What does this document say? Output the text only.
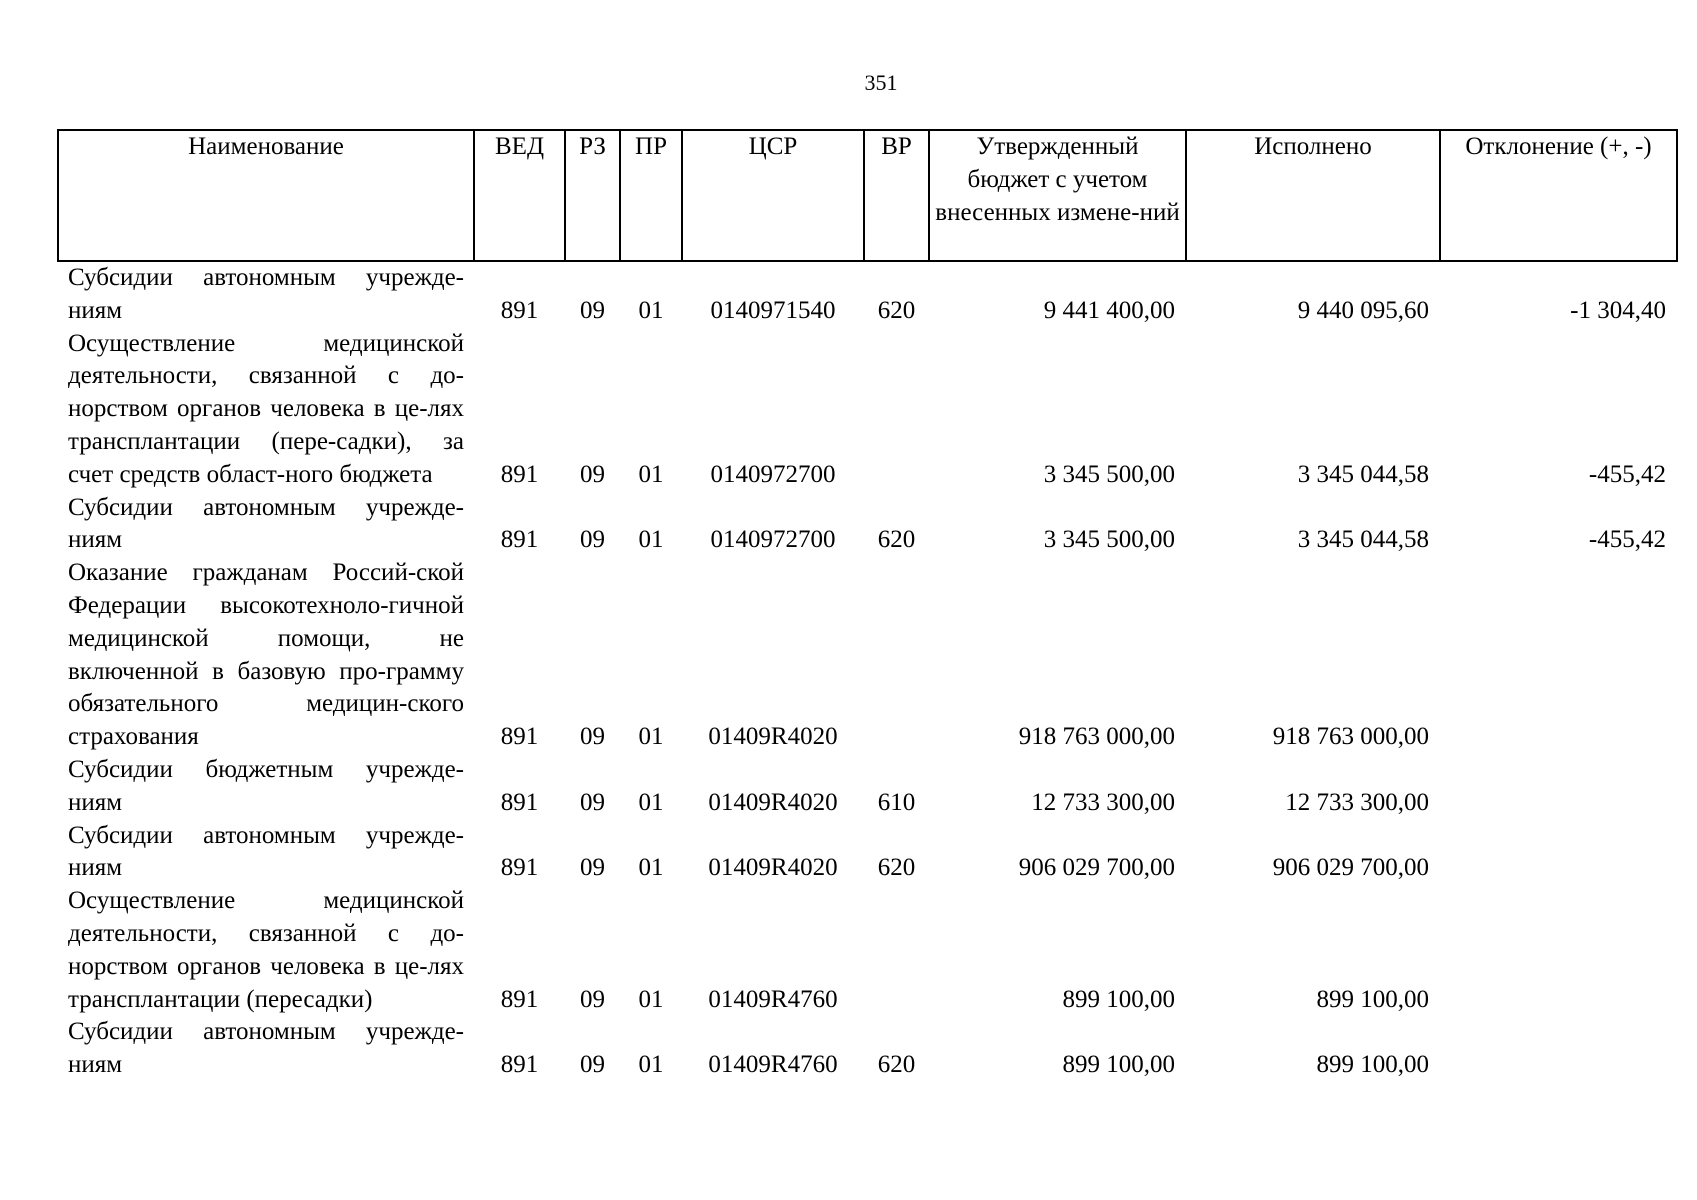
351
Наименование	ВЕД	РЗ	ПР	ЦСР	ВР	Утвержденный бюджет с учетом внесенных измене-ний	Исполнено	Отклонение (+, -)
Субсидии автономным учрежде-ниям	891	09	01	0140971540	620	9 441 400,00	9 440 095,60	-1 304,40
Осуществление медицинской деятельности, связанной с до-норством органов человека в це-лях трансплантации (пере-садки), за счет средств област-ного бюджета	891	09	01	0140972700		3 345 500,00	3 345 044,58	-455,42
Субсидии автономным учрежде-ниям	891	09	01	0140972700	620	3 345 500,00	3 345 044,58	-455,42
Оказание гражданам Россий-ской Федерации высокотехноло-гичной медицинской помощи, не включенной в базовую про-грамму обязательного медицин-ского страхования	891	09	01	01409R4020		918 763 000,00	918 763 000,00	
Субсидии бюджетным учрежде-ниям	891	09	01	01409R4020	610	12 733 300,00	12 733 300,00	
Субсидии автономным учрежде-ниям	891	09	01	01409R4020	620	906 029 700,00	906 029 700,00	
Осуществление медицинской деятельности, связанной с до-норством органов человека в це-лях трансплантации (пересадки)	891	09	01	01409R4760		899 100,00	899 100,00	
Субсидии автономным учрежде-ниям	891	09	01	01409R4760	620	899 100,00	899 100,00	
